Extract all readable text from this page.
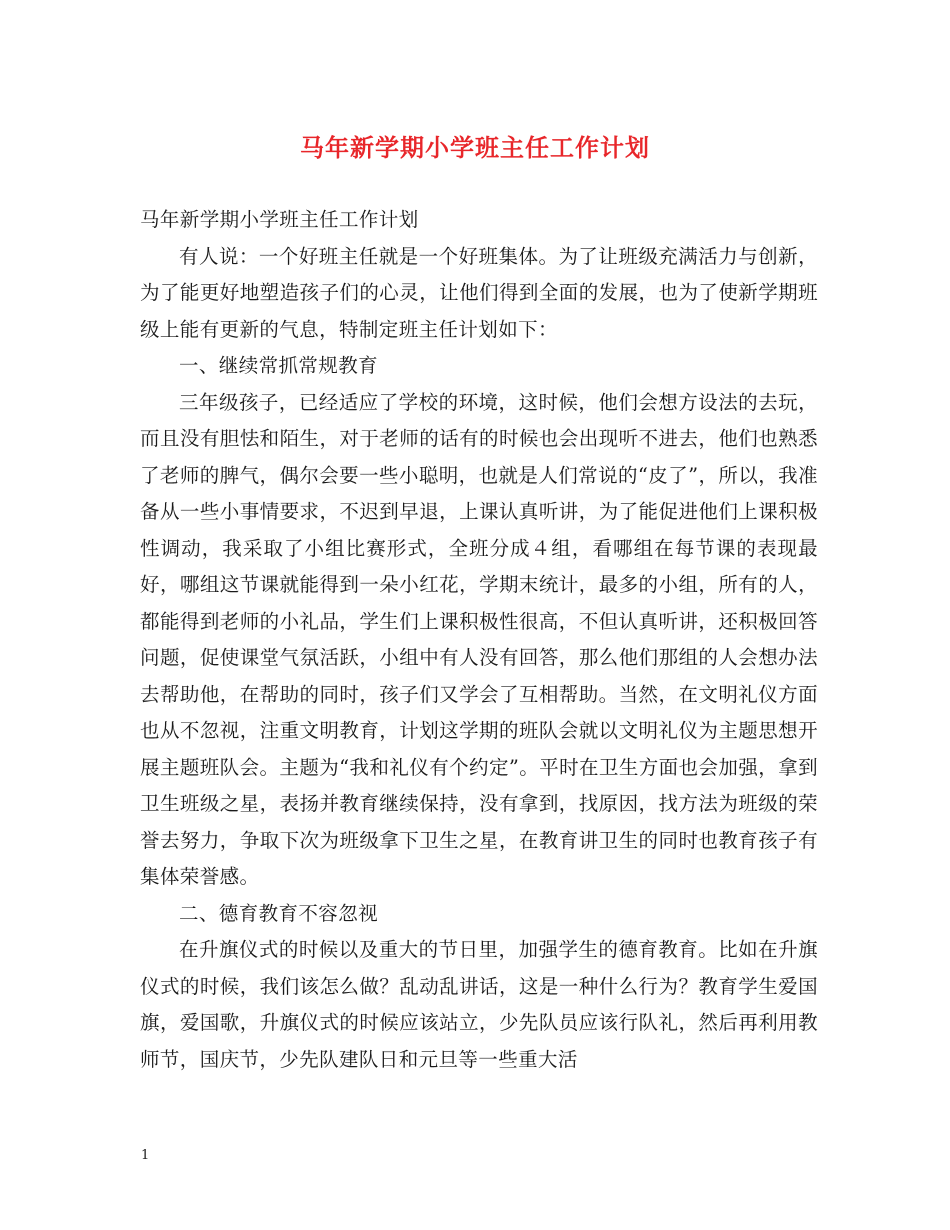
马年新学期小学班主任工作计划

马年新学期小学班主任工作计划

有人说：一个好班主任就是一个好班集体。为了让班级充满活力与创新，为了能更好地塑造孩子们的心灵，让他们得到全面的发展，也为了使新学期班级上能有更新的气息，特制定班主任计划如下：

一、继续常抓常规教育

三年级孩子，已经适应了学校的环境，这时候，他们会想方设法的去玩，而且没有胆怯和陌生，对于老师的话有的时候也会出现听不进去，他们也熟悉了老师的脾气，偶尔会要一些小聪明，也就是人们常说的“皮了”，所以，我准备从一些小事情要求，不迟到早退，上课认真听讲，为了能促进他们上课积极性调动，我采取了小组比赛形式，全班分成４组，看哪组在每节课的表现最好，哪组这节课就能得到一朵小红花，学期末统计，最多的小组，所有的人，都能得到老师的小礼品，学生们上课积极性很高，不但认真听讲，还积极回答问题，促使课堂气氛活跃，小组中有人没有回答，那么他们那组的人会想办法去帮助他，在帮助的同时，孩子们又学会了互相帮助。当然，在文明礼仪方面也从不忽视，注重文明教育，计划这学期的班队会就以文明礼仪为主题思想开展主题班队会。主题为“我和礼仪有个约定”。平时在卫生方面也会加强，拿到卫生班级之星，表扬并教育继续保持，没有拿到，找原因，找方法为班级的荣誉去努力，争取下次为班级拿下卫生之星，在教育讲卫生的同时也教育孩子有集体荣誉感。

二、德育教育不容忽视

在升旗仪式的时候以及重大的节日里，加强学生的德育教育。比如在升旗仪式的时候，我们该怎么做？乱动乱讲话，这是一种什么行为？教育学生爱国旗，爱国歌，升旗仪式的时候应该站立，少先队员应该行队礼，然后再利用教师节，国庆节，少先队建队日和元旦等一些重大活

1
